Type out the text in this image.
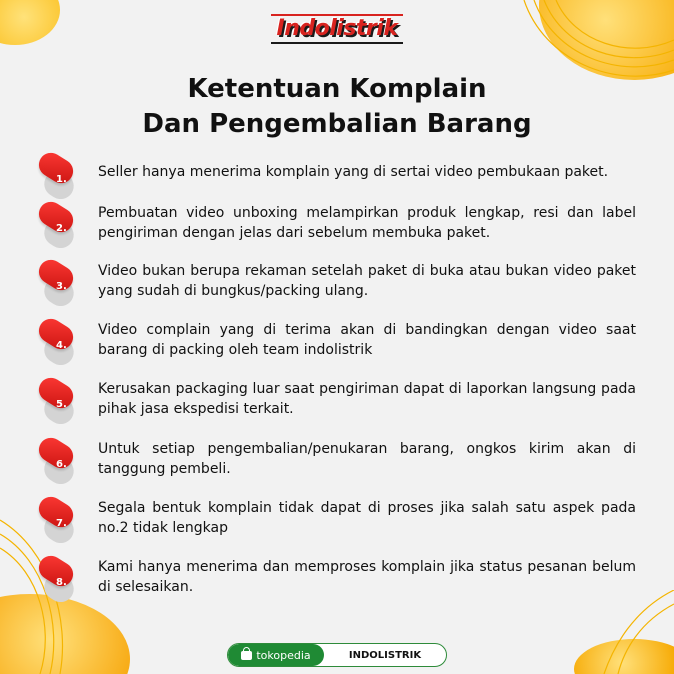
Indolistrik
Ketentuan Komplain
Dan Pengembalian Barang
1.	Seller hanya menerima komplain yang di sertai video pembukaan paket.
2.
Pembuatan video unboxing melampirkan produk lengkap, resi dan label pengiriman dengan jelas dari sebelum membuka paket.
3.
Video bukan berupa rekaman setelah paket di buka atau bukan video paket yang sudah di bungkus/packing ulang.
4.
Video complain yang di terima akan di bandingkan dengan video saat barang di packing oleh team indolistrik
5.
Kerusakan packaging luar saat pengiriman dapat di laporkan langsung pada pihak jasa ekspedisi terkait.
6.
Untuk setiap pengembalian/penukaran barang, ongkos kirim akan di tanggung pembeli.
7.
Segala bentuk komplain tidak dapat di proses jika salah satu aspek pada no.2 tidak lengkap
8.
Kami hanya menerima dan memproses komplain jika status pesanan belum di selesaikan.
tokopedia	INDOLISTRIK
